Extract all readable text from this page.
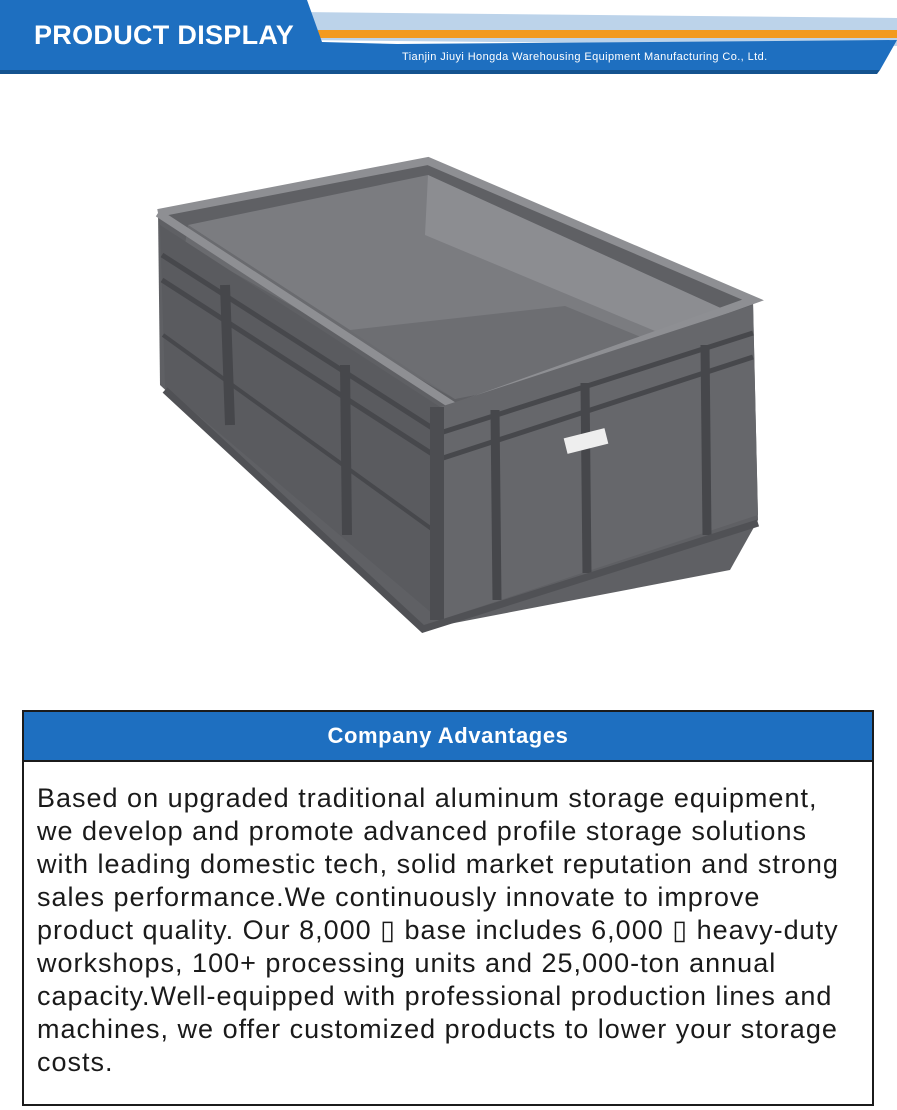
PRODUCT DISPLAY
Tianjin Jiuyi Hongda Warehousing Equipment Manufacturing Co., Ltd.
Company Advantages

Based on upgraded traditional aluminum storage equipment, we develop and promote advanced profile storage solutions with leading domestic tech, solid market reputation and strong sales performance.We continuously innovate to improve product quality. Our 8,000 ▯ base includes 6,000 ▯ heavy-duty workshops, 100+ processing units and 25,000-ton annual capacity.Well-equipped with professional production lines and machines, we offer customized products to lower your storage costs.
